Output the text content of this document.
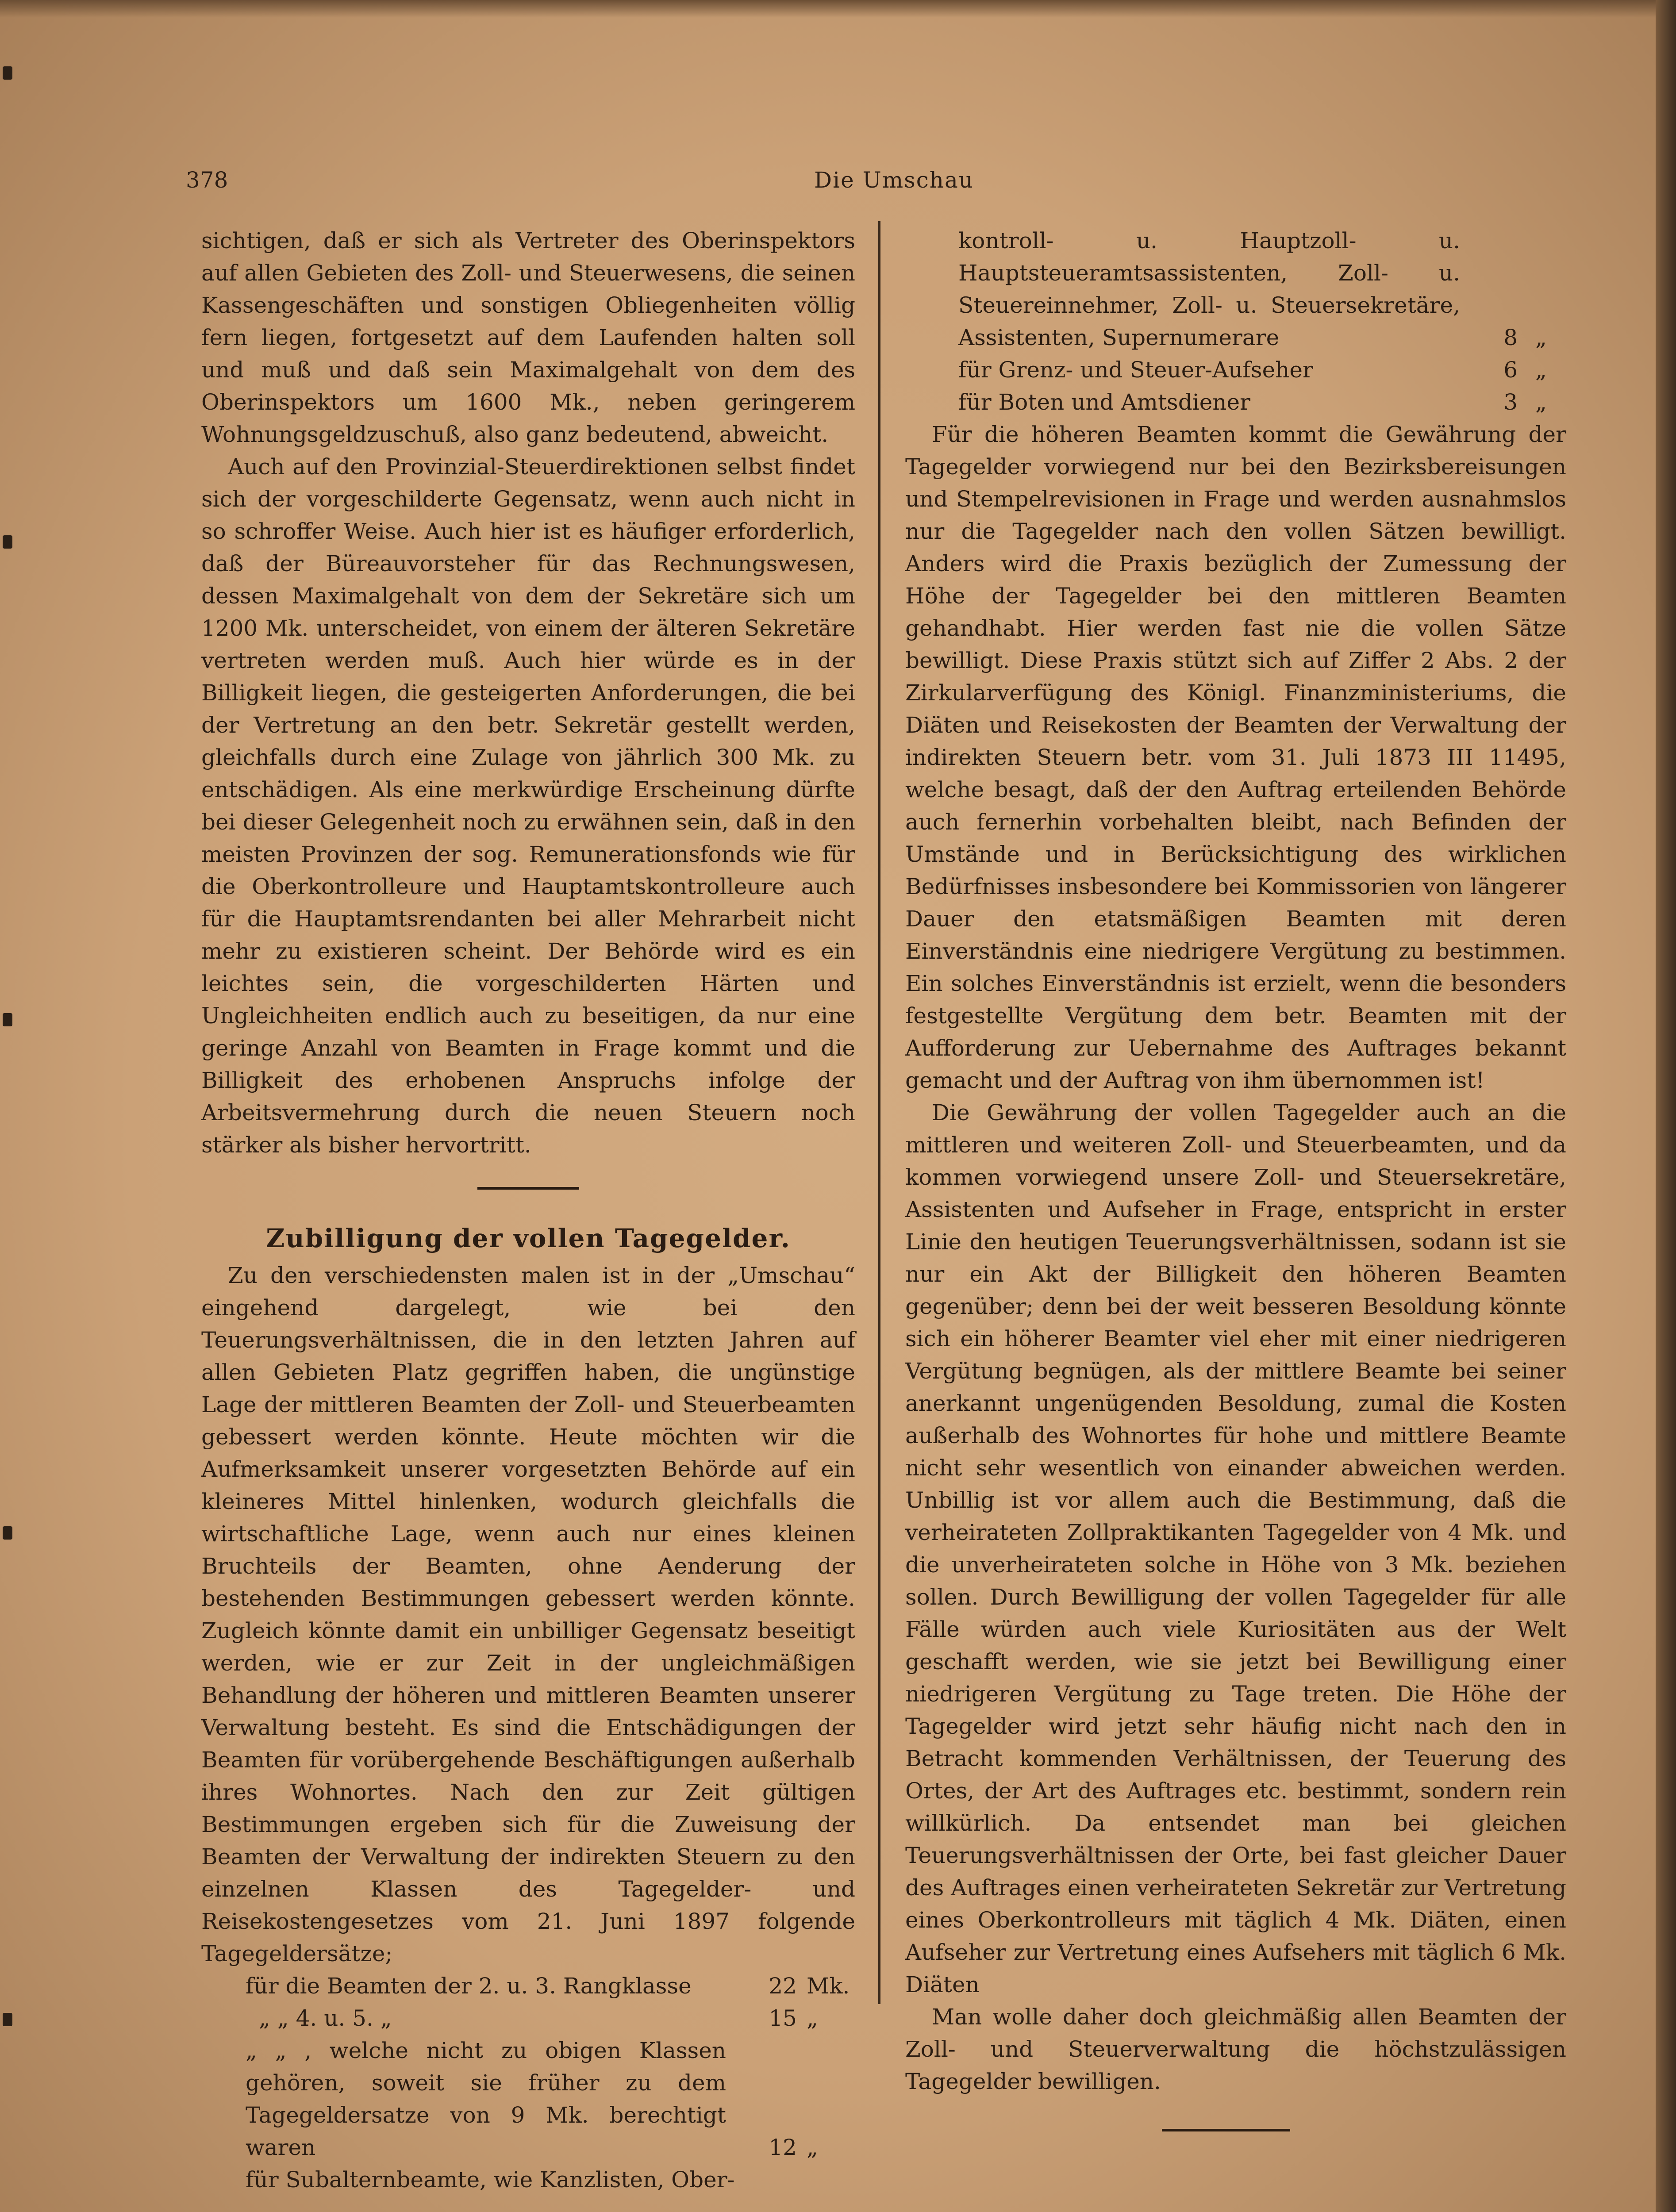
378	Die Umschau

sichtigen, daß er sich als Vertreter des Oberinspektors auf allen Gebieten des Zoll- und Steuerwesens, die seinen Kassengeschäften und sonstigen Obliegenheiten völlig fern liegen, fortgesetzt auf dem Laufenden halten soll und muß und daß sein Maximalgehalt von dem des Oberinspektors um 1600 Mk., neben geringerem Wohnungsgeldzuschuß, also ganz bedeutend, abweicht.

Auch auf den Provinzial-Steuerdirektionen selbst findet sich der vorgeschilderte Gegensatz, wenn auch nicht in so schroffer Weise. Auch hier ist es häufiger erforderlich, daß der Büreauvorsteher für das Rechnungswesen, dessen Maximalgehalt von dem der Sekretäre sich um 1200 Mk. unterscheidet, von einem der älteren Sekretäre vertreten werden muß. Auch hier würde es in der Billigkeit liegen, die gesteigerten Anforderungen, die bei der Vertretung an den betr. Sekretär gestellt werden, gleichfalls durch eine Zulage von jährlich 300 Mk. zu entschädigen. Als eine merkwürdige Erscheinung dürfte bei dieser Gelegenheit noch zu erwähnen sein, daß in den meisten Provinzen der sog. Remunerationsfonds wie für die Oberkontrolleure und Hauptamtskontrolleure auch für die Hauptamtsrendanten bei aller Mehrarbeit nicht mehr zu existieren scheint. Der Behörde wird es ein leichtes sein, die vorgeschilderten Härten und Ungleichheiten endlich auch zu beseitigen, da nur eine geringe Anzahl von Beamten in Frage kommt und die Billigkeit des erhobenen Anspruchs infolge der Arbeitsvermehrung durch die neuen Steuern noch stärker als bisher hervortritt.

Zubilligung der vollen Tagegelder.

Zu den verschiedensten malen ist in der „Umschau“ eingehend dargelegt, wie bei den Teuerungsverhältnissen, die in den letzten Jahren auf allen Gebieten Platz gegriffen haben, die ungünstige Lage der mittleren Beamten der Zoll- und Steuerbeamten gebessert werden könnte. Heute möchten wir die Aufmerksamkeit unserer vorgesetzten Behörde auf ein kleineres Mittel hinlenken, wodurch gleichfalls die wirtschaftliche Lage, wenn auch nur eines kleinen Bruchteils der Beamten, ohne Aenderung der bestehenden Bestimmungen gebessert werden könnte. Zugleich könnte damit ein unbilliger Gegensatz beseitigt werden, wie er zur Zeit in der ungleichmäßigen Behandlung der höheren und mittleren Beamten unserer Verwaltung besteht. Es sind die Entschädigungen der Beamten für vorübergehende Beschäftigungen außerhalb ihres Wohnortes. Nach den zur Zeit gültigen Bestimmungen ergeben sich für die Zuweisung der Beamten der Verwaltung der indirekten Steuern zu den einzelnen Klassen des Tagegelder- und Reisekostengesetzes vom 21. Juni 1897 folgende Tagegeldersätze;

für die Beamten der 2. u. 3. Rangklasse	22 Mk.
„ „ 4. u. 5. „	15 „
„ „ , welche nicht zu obigen Klassen gehören, soweit sie früher zu dem Tagegeldersatze von 9 Mk. berechtigt waren	12 „
für Subalternbeamte, wie Kanzlisten, Ober-
kontroll- u. Hauptzoll- u. Hauptsteueramtsassistenten, Zoll- u. Steuereinnehmer, Zoll- u. Steuersekretäre, Assistenten, Supernumerare	8 „
für Grenz- und Steuer-Aufseher	6 „
für Boten und Amtsdiener	3 „

Für die höheren Beamten kommt die Gewährung der Tagegelder vorwiegend nur bei den Bezirksbereisungen und Stempelrevisionen in Frage und werden ausnahmslos nur die Tagegelder nach den vollen Sätzen bewilligt. Anders wird die Praxis bezüglich der Zumessung der Höhe der Tagegelder bei den mittleren Beamten gehandhabt. Hier werden fast nie die vollen Sätze bewilligt. Diese Praxis stützt sich auf Ziffer 2 Abs. 2 der Zirkularverfügung des Königl. Finanzministeriums, die Diäten und Reisekosten der Beamten der Verwaltung der indirekten Steuern betr. vom 31. Juli 1873 III 11495, welche besagt, daß der den Auftrag erteilenden Behörde auch fernerhin vorbehalten bleibt, nach Befinden der Umstände und in Berücksichtigung des wirklichen Bedürfnisses insbesondere bei Kommissorien von längerer Dauer den etatsmäßigen Beamten mit deren Einverständnis eine niedrigere Vergütung zu bestimmen. Ein solches Einverständnis ist erzielt, wenn die besonders festgestellte Vergütung dem betr. Beamten mit der Aufforderung zur Uebernahme des Auftrages bekannt gemacht und der Auftrag von ihm übernommen ist!

Die Gewährung der vollen Tagegelder auch an die mittleren und weiteren Zoll- und Steuerbeamten, und da kommen vorwiegend unsere Zoll- und Steuersekretäre, Assistenten und Aufseher in Frage, entspricht in erster Linie den heutigen Teuerungsverhältnissen, sodann ist sie nur ein Akt der Billigkeit den höheren Beamten gegenüber; denn bei der weit besseren Besoldung könnte sich ein höherer Beamter viel eher mit einer niedrigeren Vergütung begnügen, als der mittlere Beamte bei seiner anerkannt ungenügenden Besoldung, zumal die Kosten außerhalb des Wohnortes für hohe und mittlere Beamte nicht sehr wesentlich von einander abweichen werden. Unbillig ist vor allem auch die Bestimmung, daß die verheirateten Zollpraktikanten Tagegelder von 4 Mk. und die unverheirateten solche in Höhe von 3 Mk. beziehen sollen. Durch Bewilligung der vollen Tagegelder für alle Fälle würden auch viele Kuriositäten aus der Welt geschafft werden, wie sie jetzt bei Bewilligung einer niedrigeren Vergütung zu Tage treten. Die Höhe der Tagegelder wird jetzt sehr häufig nicht nach den in Betracht kommenden Verhältnissen, der Teuerung des Ortes, der Art des Auftrages etc. bestimmt, sondern rein willkürlich. Da entsendet man bei gleichen Teuerungsverhältnissen der Orte, bei fast gleicher Dauer des Auftrages einen verheirateten Sekretär zur Vertretung eines Oberkontrolleurs mit täglich 4 Mk. Diäten, einen Aufseher zur Vertretung eines Aufsehers mit täglich 6 Mk. Diäten

Man wolle daher doch gleichmäßig allen Beamten der Zoll- und Steuerverwaltung die höchstzulässigen Tagegelder bewilligen.
